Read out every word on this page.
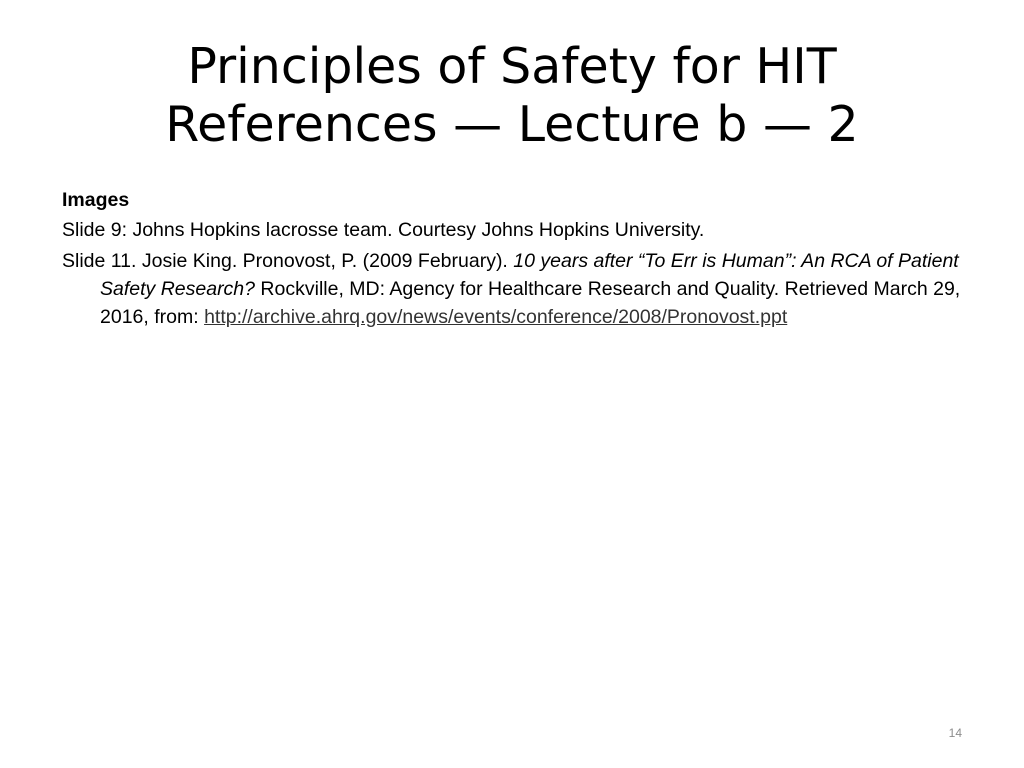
Principles of Safety for HIT
References — Lecture b — 2
Images
Slide 9: Johns Hopkins lacrosse team. Courtesy Johns Hopkins University.
Slide 11. Josie King. Pronovost, P. (2009 February). 10 years after “To Err is Human”: An RCA of Patient Safety Research? Rockville, MD: Agency for Healthcare Research and Quality. Retrieved March 29, 2016, from: http://archive.ahrq.gov/news/events/conference/2008/Pronovost.ppt
14
